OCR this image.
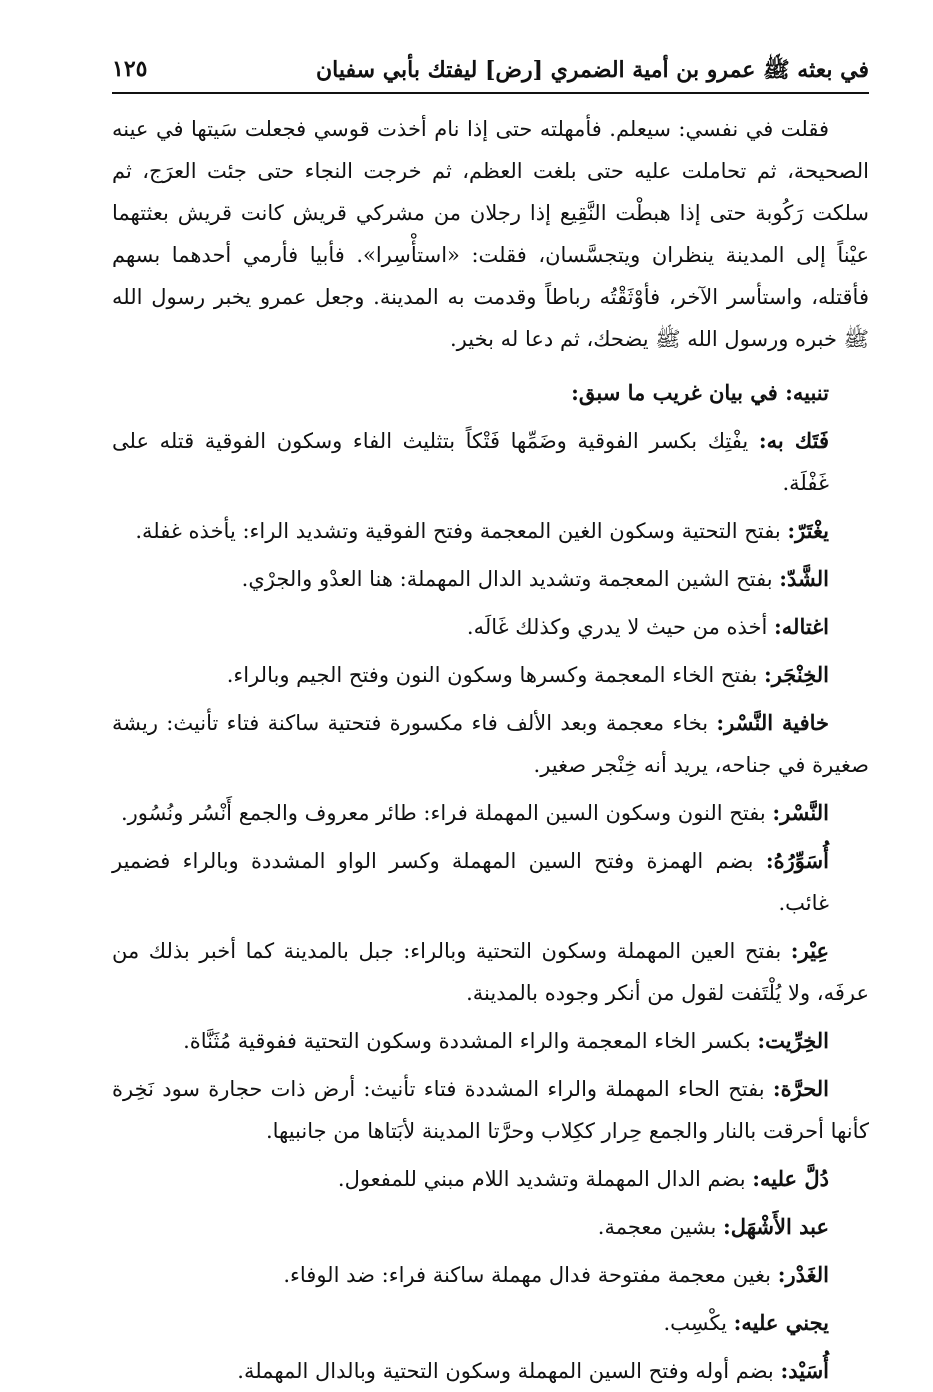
في بعثه ﷺ عمرو بن أمية الضمري [رض] ليفتك بأبي سفيان
١٢٥

فقلت في نفسي: سيعلم. فأمهلته حتى إذا نام أخذت قوسي فجعلت سَيتها في عينه الصحيحة، ثم تحاملت عليه حتى بلغت العظم، ثم خرجت النجاء حتى جئت العرَج، ثم سلكت رَكُوبة حتى إذا هبطْت النَّقِيع إذا رجلان من مشركي قريش كانت قريش بعثتهما عيْناً إلى المدينة ينظران ويتجسَّسان، فقلت: «استأْسِرا». فأبيا فأرمي أحدهما بسهم فأقتله، واستأسر الآخر، فأوْثَقْتُه رباطاً وقدمت به المدينة. وجعل عمرو يخبر رسول الله ﷺ خبره ورسول الله ﷺ يضحك، ثم دعا له بخير.

تنبيه: في بيان غريب ما سبق:

فَتَك به: يفْتِك بكسر الفوقية وضَمِّها فَتْكاً بتثليث الفاء وسكون الفوقية قتله على غَفْلَة.

يغْتَرّ: بفتح التحتية وسكون الغين المعجمة وفتح الفوقية وتشديد الراء: يأخذه غفلة.

الشَّدّ: بفتح الشين المعجمة وتشديد الدال المهملة: هنا العدْو والجرْي.

اغتاله: أخذه من حيث لا يدري وكذلك غَالَه.

الخِنْجَر: بفتح الخاء المعجمة وكسرها وسكون النون وفتح الجيم وبالراء.

خافية النَّسْر: بخاء معجمة وبعد الألف فاء مكسورة فتحتية ساكنة فتاء تأنيث: ريشة صغيرة في جناحه، يريد أنه خِنْجر صغير.

النَّسْر: بفتح النون وسكون السين المهملة فراء: طائر معروف والجمع أَنْسُر ونُسُور.

أُسَوِّرُهُ: بضم الهمزة وفتح السين المهملة وكسر الواو المشددة وبالراء فضمير غائب.

عِيْر: بفتح العين المهملة وسكون التحتية وبالراء: جبل بالمدينة كما أخبر بذلك من عرفَه، ولا يُلْتَفت لقول من أنكر وجوده بالمدينة.

الخِرِّيت: بكسر الخاء المعجمة والراء المشددة وسكون التحتية ففوقية مُثَنَّاة.

الحرَّة: بفتح الحاء المهملة والراء المشددة فتاء تأنيث: أرض ذات حجارة سود نَخِرة كأنها أحرقت بالنار والجمع حِرار ككِلاب وحرَّتا المدينة لأبَتاها من جانبيها.

دُلَّ عليه: بضم الدال المهملة وتشديد اللام مبني للمفعول.

عبد الأَشْهَل: بشين معجمة.

الغَدْر: بغين معجمة مفتوحة فدال مهملة ساكنة فراء: ضد الوفاء.

يجني عليه: يكْسِب.

أُسَيْد: بضم أوله وفتح السين المهملة وسكون التحتية وبالدال المهملة.
